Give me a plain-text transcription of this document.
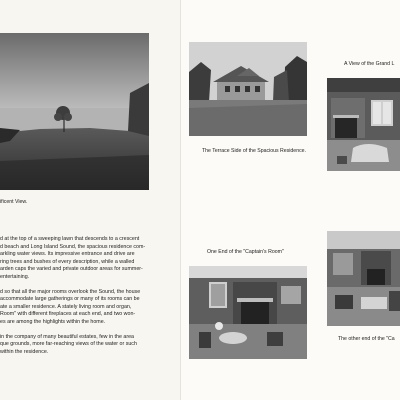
ificent View.

d at the top of a sweeping lawn that descends to a crescent
d beach and Long Island Sound, the spacious residence com-
arkling water views. Its impressive entrance and drive are
ring trees and bushes of every description, while a walled
arden caps the varied and private outdoor areas for summer-
entertaining.

d so that all the major rooms overlook the Sound, the house
accommodate large gatherings or many of its rooms can be
ate a smaller residence. A stately living room and organ,
Room" with different fireplaces at each end, and two won-
es are among the highlights within the home.

in the company of many beautiful estates, few in the area
que grounds, more far-reaching views of the water or such
within the residence.

The Terrace Side of the Spacious Residence.
A View of the Grand L
One End of the "Captain's Room"
The other end of the "Ca
